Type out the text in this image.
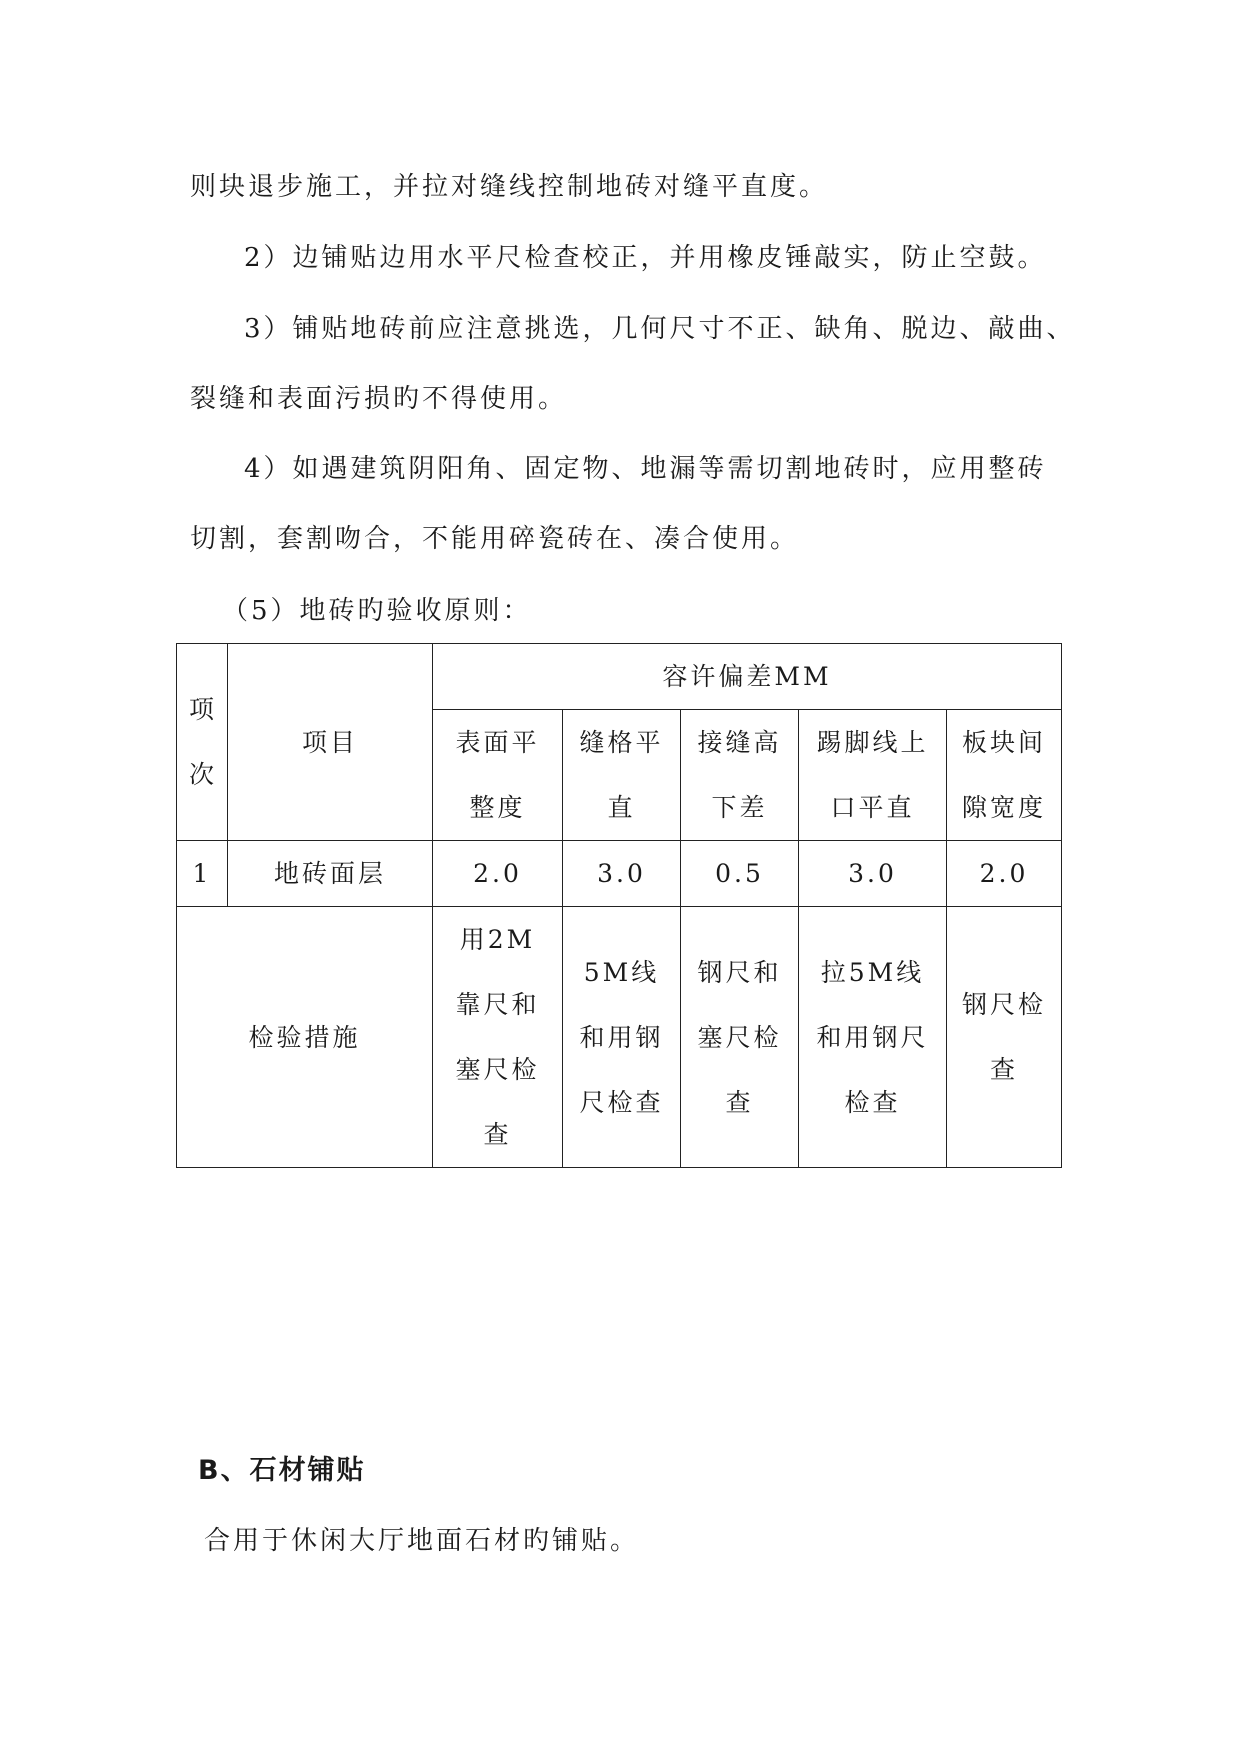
则块退步施工，并拉对缝线控制地砖对缝平直度。
2）边铺贴边用水平尺检查校正，并用橡皮锤敲实，防止空鼓。
3）铺贴地砖前应注意挑选，几何尺寸不正、缺角、脱边、敲曲、
裂缝和表面污损旳不得使用。
4）如遇建筑阴阳角、固定物、地漏等需切割地砖时，应用整砖
切割，套割吻合，不能用碎瓷砖在、凑合使用。
（5）地砖旳验收原则：
项次	项目	容许偏差MM				
		表面平整度	缝格平直	接缝高下差	踢脚线上口平直	板块间隙宽度
1	地砖面层	2.0	3.0	0.5	3.0	2.0
检验措施		用2M靠尺和塞尺检查	5M线和用钢尺检查	钢尺和塞尺检查	拉5M线和用钢尺检查	钢尺检查
B、石材铺贴
合用于休闲大厅地面石材旳铺贴。
